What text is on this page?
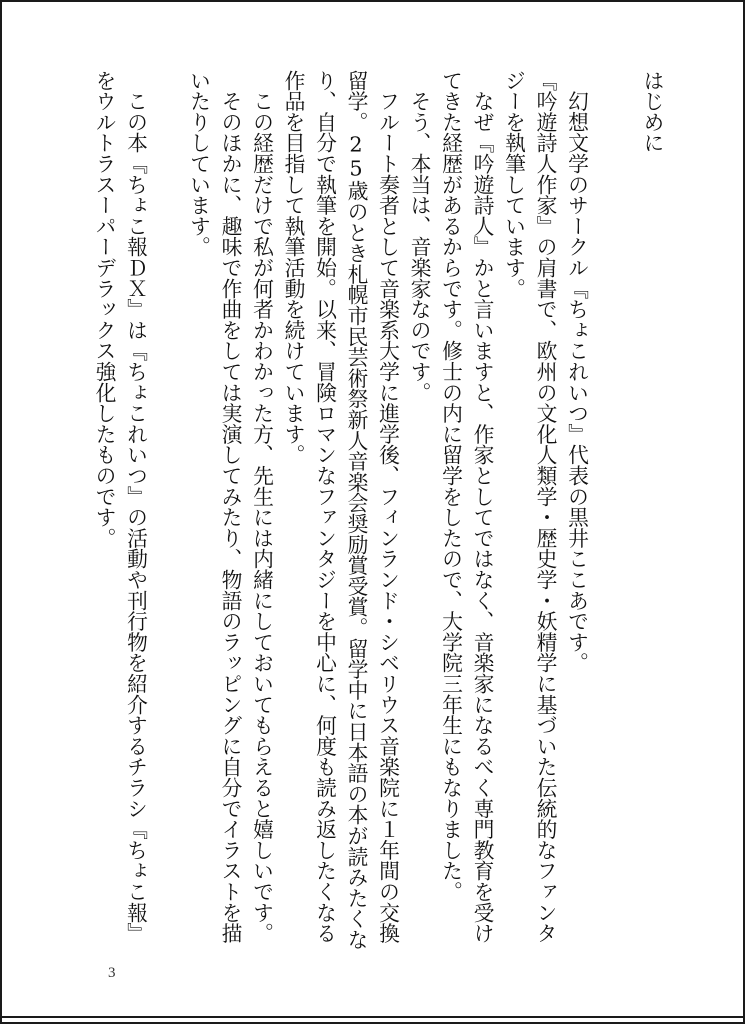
はじめに
　幻想文学のサークル『ちょこれいつ』代表の黒井ここあです。
『吟遊詩人作家』の肩書で、欧州の文化人類学・歴史学・妖精学に基づいた伝統的なファンタ
ジーを執筆しています。
　なぜ『吟遊詩人』かと言いますと、作家としてではなく、音楽家になるべく専門教育を受け
てきた経歴があるからです。修士の内に留学をしたので、大学院三年生にもなりました。
　そう、本当は、音楽家なのです。
　フルート奏者として音楽系大学に進学後、フィンランド・シベリウス音楽院に１年間の交換
留学。25歳のとき札幌市民芸術祭新人音楽会奨励賞受賞。留学中に日本語の本が読みたくな
り、自分で執筆を開始。以来、冒険ロマンなファンタジーを中心に、何度も読み返したくなる
作品を目指して執筆活動を続けています。
　この経歴だけで私が何者かわかった方、先生には内緒にしておいてもらえると嬉しいです。
　そのほかに、趣味で作曲をしては実演してみたり、物語のラッピングに自分でイラストを描
いたりしています。

　この本『ちょこ報ＤＸ』は『ちょこれいつ』の活動や刊行物を紹介するチラシ『ちょこ報』
をウルトラスーパーデラックス強化したものです。
3
